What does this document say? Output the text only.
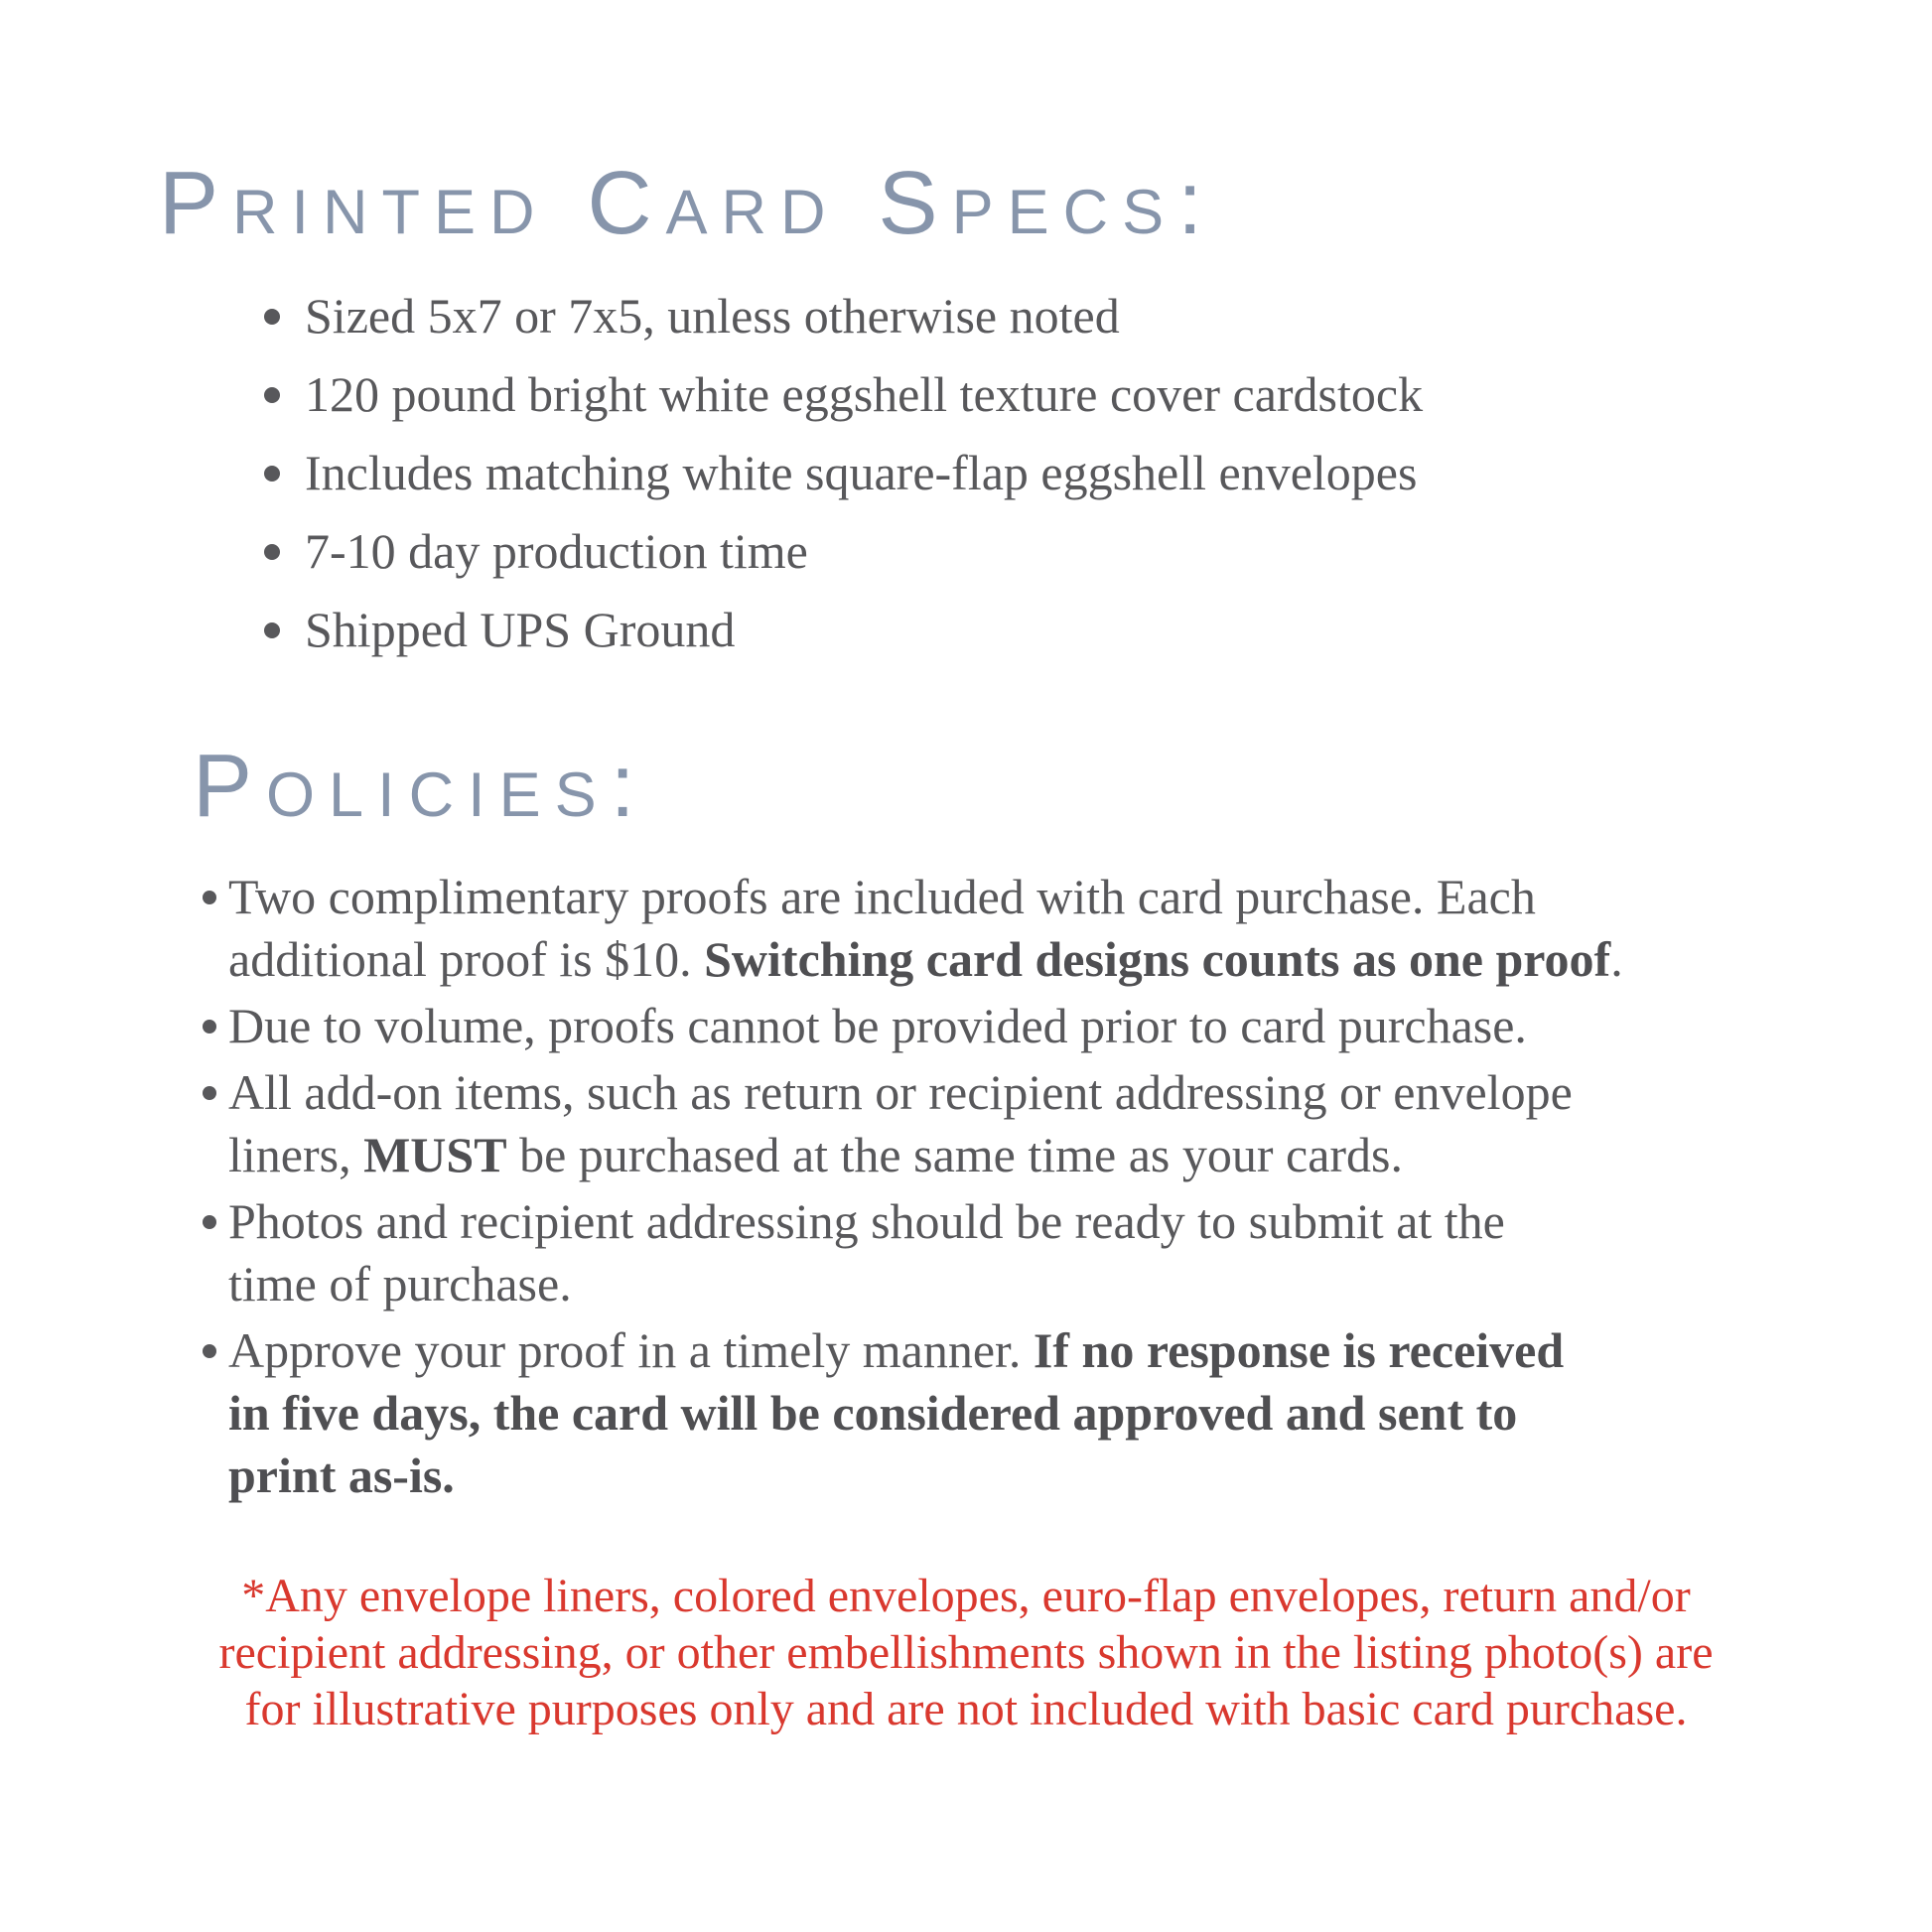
Printed Card Specs:
Sized 5x7 or 7x5, unless otherwise noted
120 pound bright white eggshell texture cover cardstock
Includes matching white square-flap eggshell envelopes
7-10 day production time
Shipped UPS Ground
Policies:
Two complimentary proofs are included with card purchase. Each
additional proof is $10. Switching card designs counts as one proof.
Due to volume, proofs cannot be provided prior to card purchase.
All add-on items, such as return or recipient addressing or envelope
liners, MUST be purchased at the same time as your cards.
Photos and recipient addressing should be ready to submit at the
time of purchase.
Approve your proof in a timely manner. If no response is received
in five days, the card will be considered approved and sent to
print as-is.
*Any envelope liners, colored envelopes, euro-flap envelopes, return and/or
recipient addressing, or other embellishments shown in the listing photo(s) are
for illustrative purposes only and are not included with basic card purchase.
